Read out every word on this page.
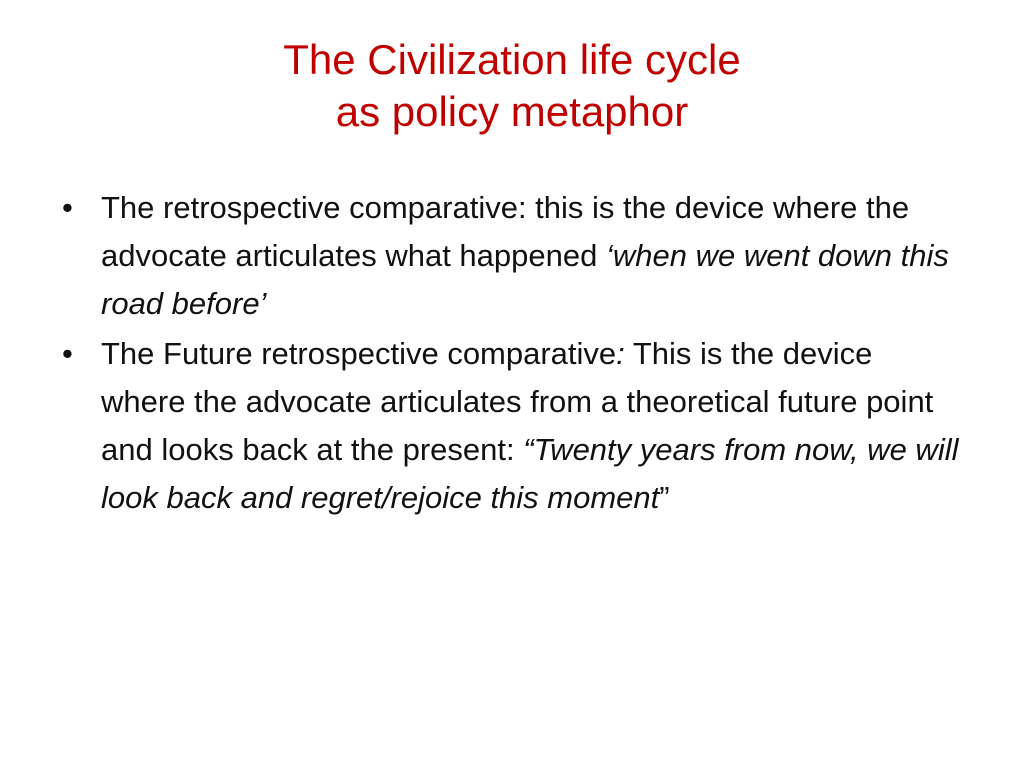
The Civilization life cycle
as policy metaphor
• The retrospective comparative: this is the device where the advocate articulates what happened ‘when we went down this road before’
• The Future retrospective comparative: This is the device where the advocate articulates from a theoretical future point and looks back at the present: “Twenty years from now, we will look back and regret/rejoice this moment”
